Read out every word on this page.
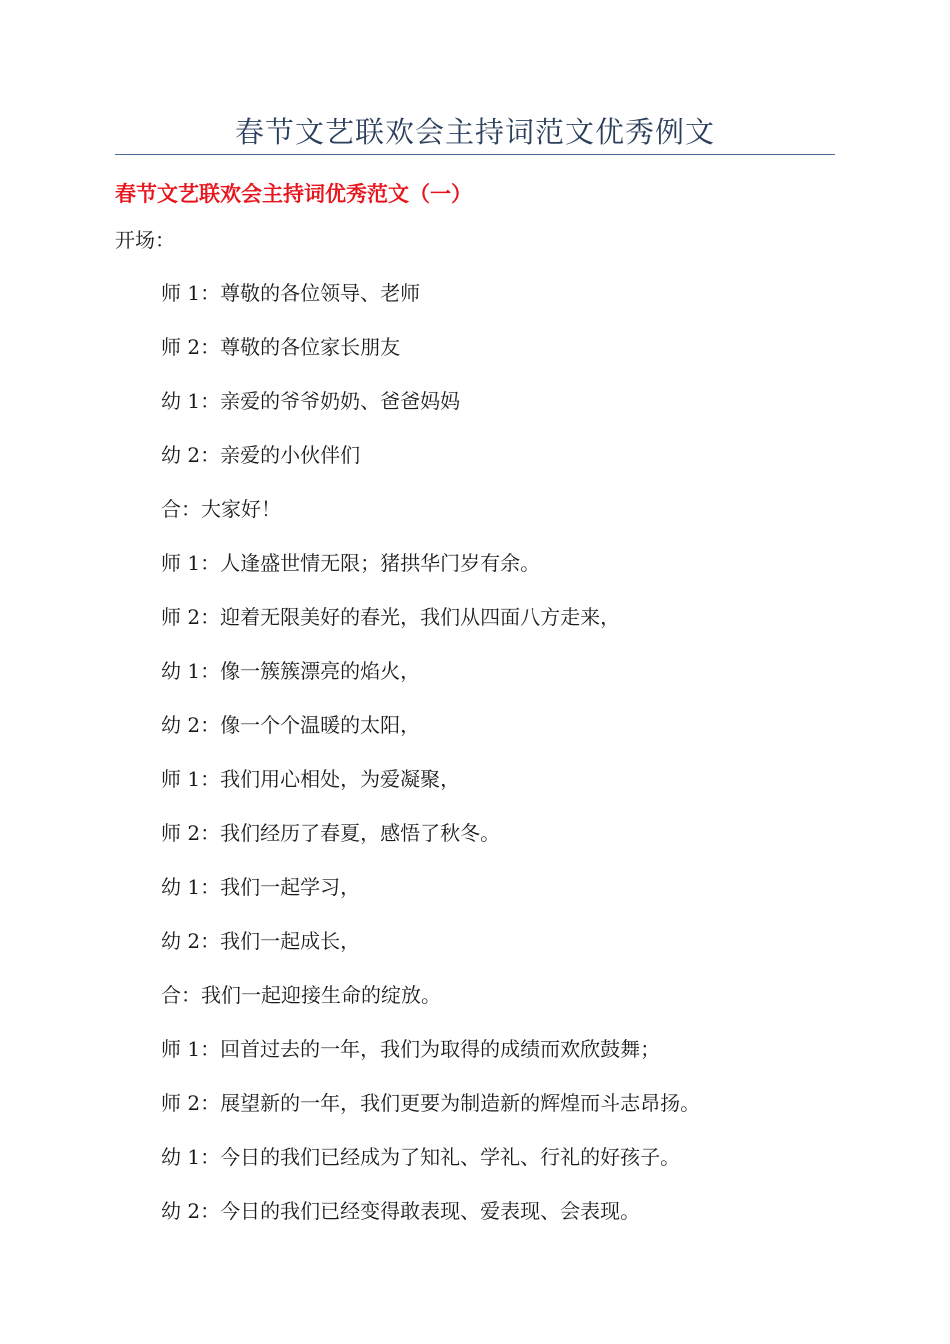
春节文艺联欢会主持词范文优秀例文
春节文艺联欢会主持词优秀范文（一）
开场：
师 1：尊敬的各位领导、老师
师 2：尊敬的各位家长朋友
幼 1：亲爱的爷爷奶奶、爸爸妈妈
幼 2：亲爱的小伙伴们
合：大家好！
师 1：人逢盛世情无限；猪拱华门岁有余。
师 2：迎着无限美好的春光，我们从四面八方走来，
幼 1：像一簇簇漂亮的焰火，
幼 2：像一个个温暖的太阳，
师 1：我们用心相处，为爱凝聚，
师 2：我们经历了春夏，感悟了秋冬。
幼 1：我们一起学习，
幼 2：我们一起成长，
合：我们一起迎接生命的绽放。
师 1：回首过去的一年，我们为取得的成绩而欢欣鼓舞；
师 2：展望新的一年，我们更要为制造新的辉煌而斗志昂扬。
幼 1：今日的我们已经成为了知礼、学礼、行礼的好孩子。
幼 2：今日的我们已经变得敢表现、爱表现、会表现。
